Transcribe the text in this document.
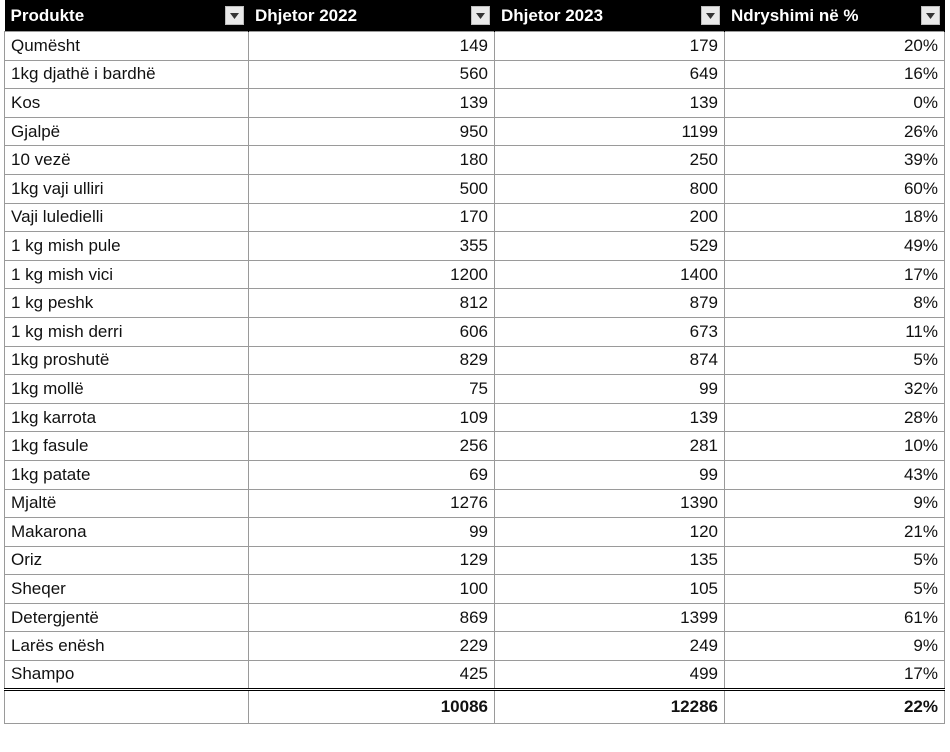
Produkte	Dhjetor 2022	Dhjetor 2023	Ndryshimi në %

Qumësht	149	179	20%
1kg djathë i bardhë	560	649	16%
Kos	139	139	0%
Gjalpë	950	1199	26%
10 vezë	180	250	39%
1kg vaji ulliri	500	800	60%
Vaji luledielli	170	200	18%
1 kg mish pule	355	529	49%
1 kg mish vici	1200	1400	17%
1 kg peshk	812	879	8%
1 kg mish derri	606	673	11%
1kg proshutë	829	874	5%
1kg mollë	75	99	32%
1kg karrota	109	139	28%
1kg fasule	256	281	10%
1kg patate	69	99	43%
Mjaltë	1276	1390	9%
Makarona	99	120	21%
Oriz	129	135	5%
Sheqer	100	105	5%
Detergjentë	869	1399	61%
Larës enësh	229	249	9%
Shampo	425	499	17%
	10086	12286	22%
